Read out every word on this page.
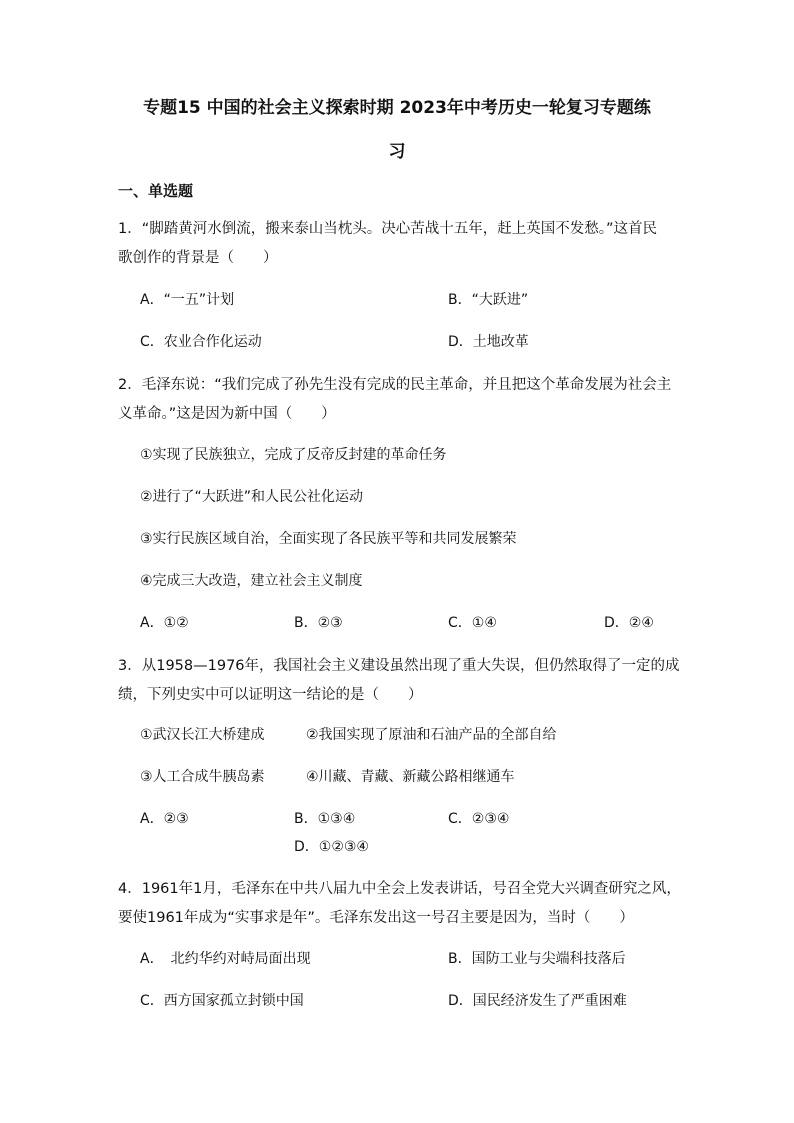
专题15 中国的社会主义探索时期 2023年中考历史一轮复习专题练
习
一、单选题
1．“脚踏黄河水倒流，搬来泰山当枕头。决心苦战十五年，赶上英国不发愁。”这首民
歌创作的背景是（　　）
A．“一五”计划	B．“大跃进”
C．农业合作化运动	D．土地改革
2．毛泽东说：“我们完成了孙先生没有完成的民主革命，并且把这个革命发展为社会主
义革命。”这是因为新中国（　　）
①实现了民族独立，完成了反帝反封建的革命任务
②进行了“大跃进”和人民公社化运动
③实行民族区域自治，全面实现了各民族平等和共同发展繁荣
④完成三大改造，建立社会主义制度
A．①②	B．②③	C．①④	D．②④
3．从1958—1976年，我国社会主义建设虽然出现了重大失误，但仍然取得了一定的成
绩，下列史实中可以证明这一结论的是（　　）
①武汉长江大桥建成	②我国实现了原油和石油产品的全部自给
③人工合成牛胰岛素	④川藏、青藏、新藏公路相继通车
A．②③	B．①③④	C．②③④
D．①②③④
4．1961年1月，毛泽东在中共八届九中全会上发表讲话，号召全党大兴调查研究之风，
要使1961年成为“实事求是年”。毛泽东发出这一号召主要是因为，当时（　　）
A．　北约华约对峙局面出现	B．国防工业与尖端科技落后
C．西方国家孤立封锁中国	D．国民经济发生了严重困难
